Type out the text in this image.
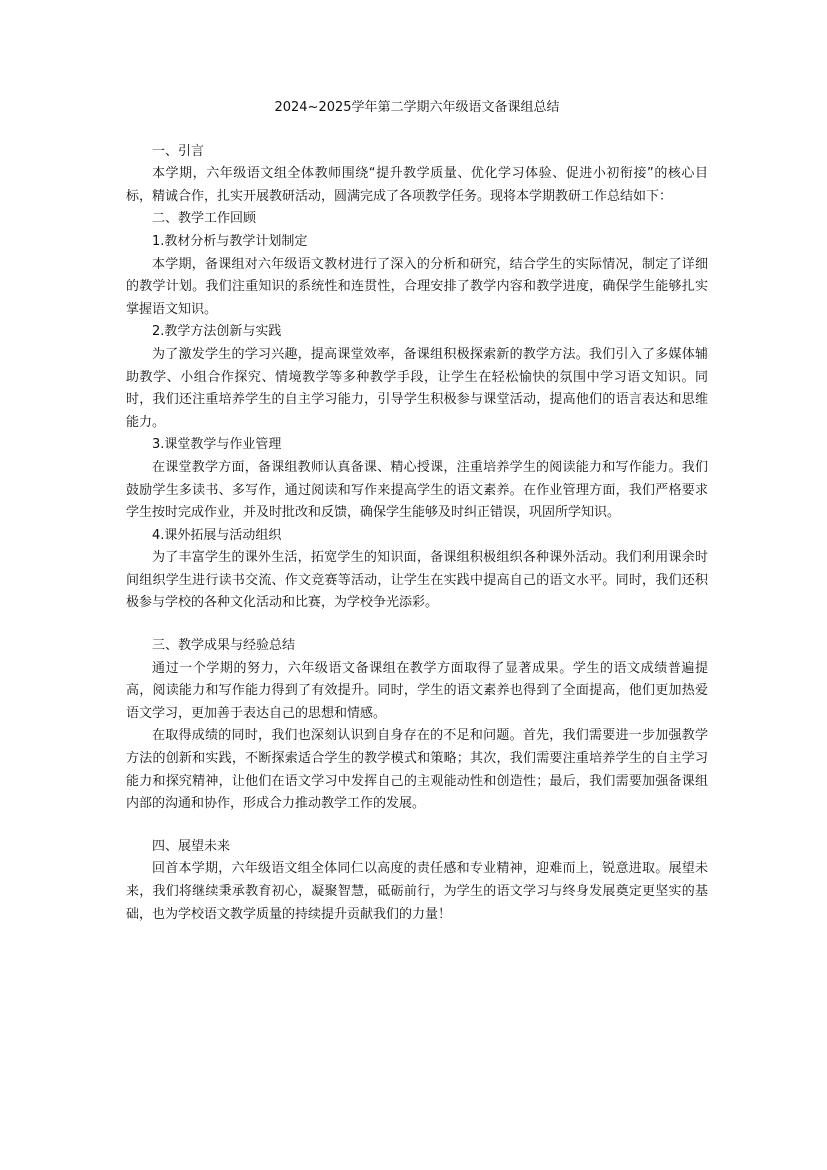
2024~2025学年第二学期六年级语文备课组总结

一、引言

本学期，六年级语文组全体教师围绕“提升教学质量、优化学习体验、促进小初衔接”的核心目标，精诚合作，扎实开展教研活动，圆满完成了各项教学任务。现将本学期教研工作总结如下：

二、教学工作回顾

1.教材分析与教学计划制定

本学期，备课组对六年级语文教材进行了深入的分析和研究，结合学生的实际情况，制定了详细的教学计划。我们注重知识的系统性和连贯性，合理安排了教学内容和教学进度，确保学生能够扎实掌握语文知识。

2.教学方法创新与实践

为了激发学生的学习兴趣，提高课堂效率，备课组积极探索新的教学方法。我们引入了多媒体辅助教学、小组合作探究、情境教学等多种教学手段，让学生在轻松愉快的氛围中学习语文知识。同时，我们还注重培养学生的自主学习能力，引导学生积极参与课堂活动，提高他们的语言表达和思维能力。

3.课堂教学与作业管理

在课堂教学方面，备课组教师认真备课、精心授课，注重培养学生的阅读能力和写作能力。我们鼓励学生多读书、多写作，通过阅读和写作来提高学生的语文素养。在作业管理方面，我们严格要求学生按时完成作业，并及时批改和反馈，确保学生能够及时纠正错误，巩固所学知识。

4.课外拓展与活动组织

为了丰富学生的课外生活，拓宽学生的知识面，备课组积极组织各种课外活动。我们利用课余时间组织学生进行读书交流、作文竞赛等活动，让学生在实践中提高自己的语文水平。同时，我们还积极参与学校的各种文化活动和比赛，为学校争光添彩。

三、教学成果与经验总结

通过一个学期的努力，六年级语文备课组在教学方面取得了显著成果。学生的语文成绩普遍提高，阅读能力和写作能力得到了有效提升。同时，学生的语文素养也得到了全面提高，他们更加热爱语文学习，更加善于表达自己的思想和情感。

在取得成绩的同时，我们也深刻认识到自身存在的不足和问题。首先，我们需要进一步加强教学方法的创新和实践，不断探索适合学生的教学模式和策略；其次，我们需要注重培养学生的自主学习能力和探究精神，让他们在语文学习中发挥自己的主观能动性和创造性；最后，我们需要加强备课组内部的沟通和协作，形成合力推动教学工作的发展。

四、展望未来

回首本学期，六年级语文组全体同仁以高度的责任感和专业精神，迎难而上，锐意进取。展望未来，我们将继续秉承教育初心，凝聚智慧，砥砺前行，为学生的语文学习与终身发展奠定更坚实的基础，也为学校语文教学质量的持续提升贡献我们的力量！
